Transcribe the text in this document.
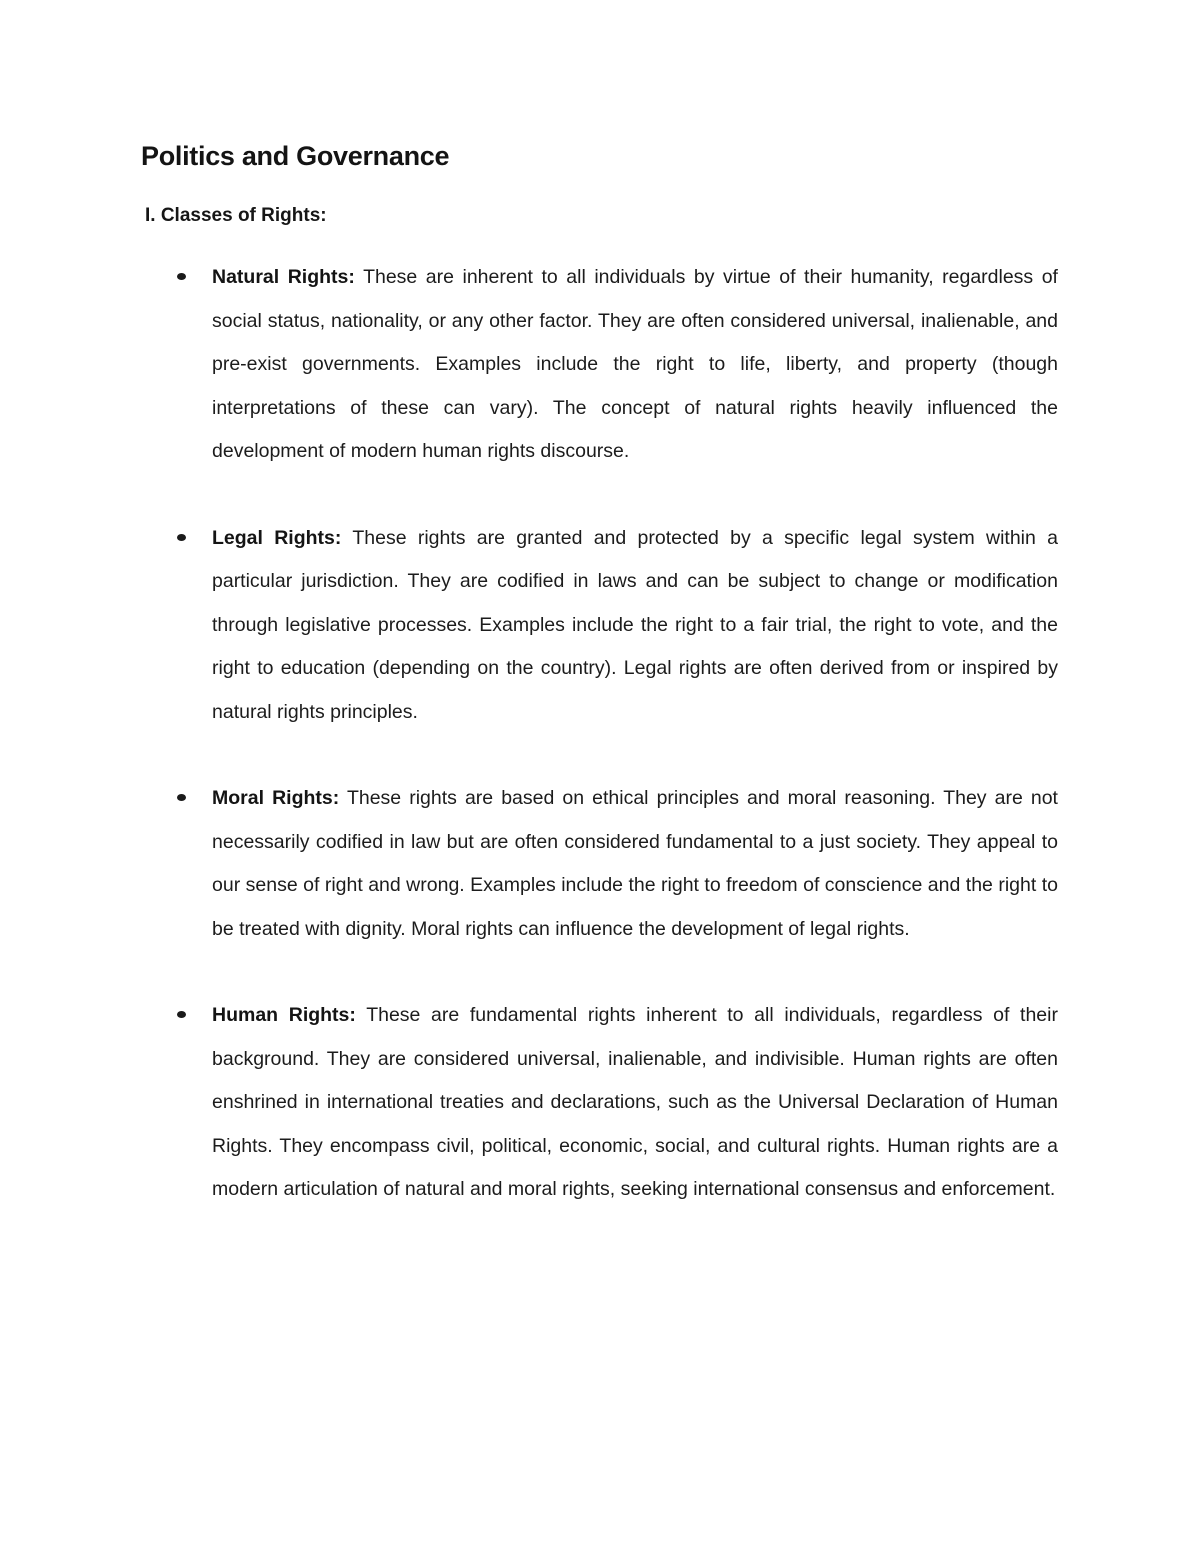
Politics and Governance
I. Classes of Rights:

Natural Rights: These are inherent to all individuals by virtue of their humanity, regardless of social status, nationality, or any other factor. They are often considered universal, inalienable, and pre-exist governments. Examples include the right to life, liberty, and property (though interpretations of these can vary). The concept of natural rights heavily influenced the development of modern human rights discourse.

Legal Rights: These rights are granted and protected by a specific legal system within a particular jurisdiction. They are codified in laws and can be subject to change or modification through legislative processes. Examples include the right to a fair trial, the right to vote, and the right to education (depending on the country). Legal rights are often derived from or inspired by natural rights principles.

Moral Rights: These rights are based on ethical principles and moral reasoning. They are not necessarily codified in law but are often considered fundamental to a just society. They appeal to our sense of right and wrong. Examples include the right to freedom of conscience and the right to be treated with dignity. Moral rights can influence the development of legal rights.

Human Rights: These are fundamental rights inherent to all individuals, regardless of their background. They are considered universal, inalienable, and indivisible. Human rights are often enshrined in international treaties and declarations, such as the Universal Declaration of Human Rights. They encompass civil, political, economic, social, and cultural rights. Human rights are a modern articulation of natural and moral rights, seeking international consensus and enforcement.
